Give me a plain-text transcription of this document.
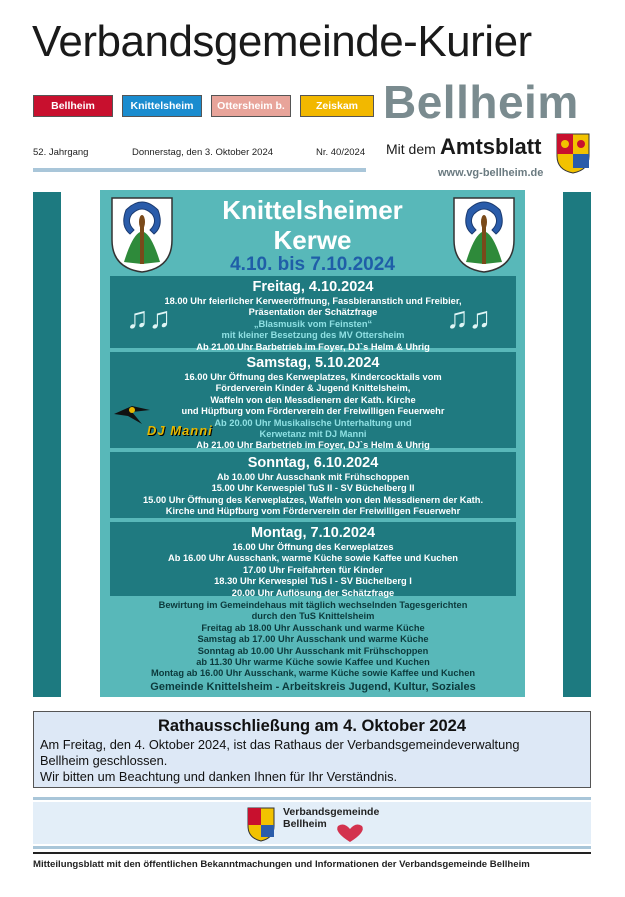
Verbandsgemeinde-Kurier
Bellheim	Knittelsheim	Ottersheim b. L.
Zeiskam Bellheim
52. Jahrgang	Donnerstag, den 3. Oktober 2024	Nr. 40/2024 Mit dem Amtsblatt
www.vg-bellheim.de
Knittelsheimer
Kerwe
4.10. bis 7.10.2024
Freitag, 4.10.2024
18.00 Uhr feierlicher Kerweeröffnung, Fassbieranstich und Freibier,
Präsentation der Schätzfrage
„Blasmusik vom Feinsten“
mit kleiner Besetzung des MV Ottersheim
Ab 21.00 Uhr Barbetrieb im Foyer, DJ`s Helm & Uhrig
♫♫	♫♫
Samstag, 5.10.2024
16.00 Uhr Öffnung des Kerweplatzes, Kindercocktails vom
Förderverein Kinder & Jugend Knittelsheim,
Waffeln von den Messdienern der Kath. Kirche
und Hüpfburg vom Förderverein der Freiwilligen Feuerwehr
Ab 20.00 Uhr Musikalische Unterhaltung und
Kerwetanz mit DJ Manni
Ab 21.00 Uhr Barbetrieb im Foyer, DJ`s Helm & Uhrig
DJ Manni
Sonntag, 6.10.2024
Ab 10.00 Uhr Ausschank mit Frühschoppen
15.00 Uhr Kerwespiel TuS II - SV Büchelberg II
15.00 Uhr Öffnung des Kerweplatzes, Waffeln von den Messdienern der Kath.
Kirche und Hüpfburg vom Förderverein der Freiwilligen Feuerwehr
Montag, 7.10.2024
16.00 Uhr Öffnung des Kerweplatzes
Ab 16.00 Uhr Ausschank, warme Küche sowie Kaffee und Kuchen
17.00 Uhr Freifahrten für Kinder
18.30 Uhr Kerwespiel TuS I - SV Büchelberg I
20.00 Uhr Auflösung der Schätzfrage
Bewirtung im Gemeindehaus mit täglich wechselnden Tagesgerichten
durch den TuS Knittelsheim
Freitag ab 18.00 Uhr Ausschank und warme Küche
Samstag ab 17.00 Uhr Ausschank und warme Küche
Sonntag ab 10.00 Uhr Ausschank mit Frühschoppen
ab 11.30 Uhr warme Küche sowie Kaffee und Kuchen
Montag ab 16.00 Uhr Ausschank, warme Küche sowie Kaffee und Kuchen
Gemeinde Knittelsheim - Arbeitskreis Jugend, Kultur, Soziales
Rathausschließung am 4. Oktober 2024
Am Freitag, den 4. Oktober 2024, ist das Rathaus der Verbandsgemeindeverwaltung
Bellheim geschlossen.
Wir bitten um Beachtung und danken Ihnen für Ihr Verständnis.
Verbandsgemeinde
Bellheim
Mitteilungsblatt mit den öffentlichen Bekanntmachungen und Informationen der Verbandsgemeinde Bellheim
